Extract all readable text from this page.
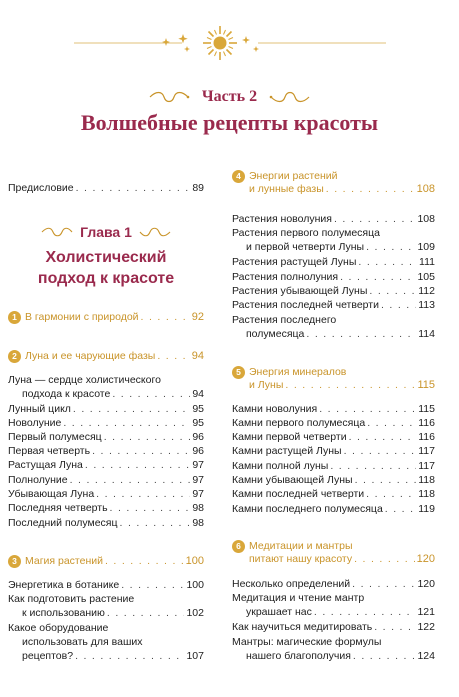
Часть 2
Волшебные рецепты красоты
Предисловие . . .	89
Глава 1
Холистический
подход к красоте
1 В гармонии с природой . . .	92
2 Луна и ее чарующие фазы . . .	94
Луна — сердце холистического
подхода к красоте . . .	94
Лунный цикл . . .	95
Новолуние . . .	95
Первый полумесяц . . .	96
Первая четверть . . .	96
Растущая Луна . . .	97
Полнолуние . . .	97
Убывающая Луна . . .	97
Последняя четверть . . .	98
Последний полумесяц . . .	98
3 Магия растений . . .	100
Энергетика в ботанике . . .	100
Как подготовить растение
к использованию . . .	102
Какое оборудование
использовать для ваших
рецептов? . . .	107
4 Энергии растений
и лунные фазы . . .	108
Растения новолуния . . .	108
Растения первого полумесяца
и первой четверти Луны . . .	109
Растения растущей Луны . . .	111
Растения полнолуния . . .	105
Растения убывающей Луны . . .	112
Растения последней четверти . . .	113
Растения последнего
полумесяца . . .	114
5 Энергия минералов
и Луны . . .	115
Камни новолуния . . .	115
Камни первого полумесяца . . .	116
Камни первой четверти . . .	116
Камни растущей Луны . . .	117
Камни полной луны . . .	117
Камни убывающей Луны . . .	118
Камни последней четверти . . .	118
Камни последнего полумесяца . . .	119
6 Медитации и мантры
питают нашу красоту . . .	120
Несколько определений . . .	120
Медитация и чтение мантр
украшает нас . . .	121
Как научиться медитировать . . .	122
Мантры: магические формулы
нашего благополучия . . .	124
